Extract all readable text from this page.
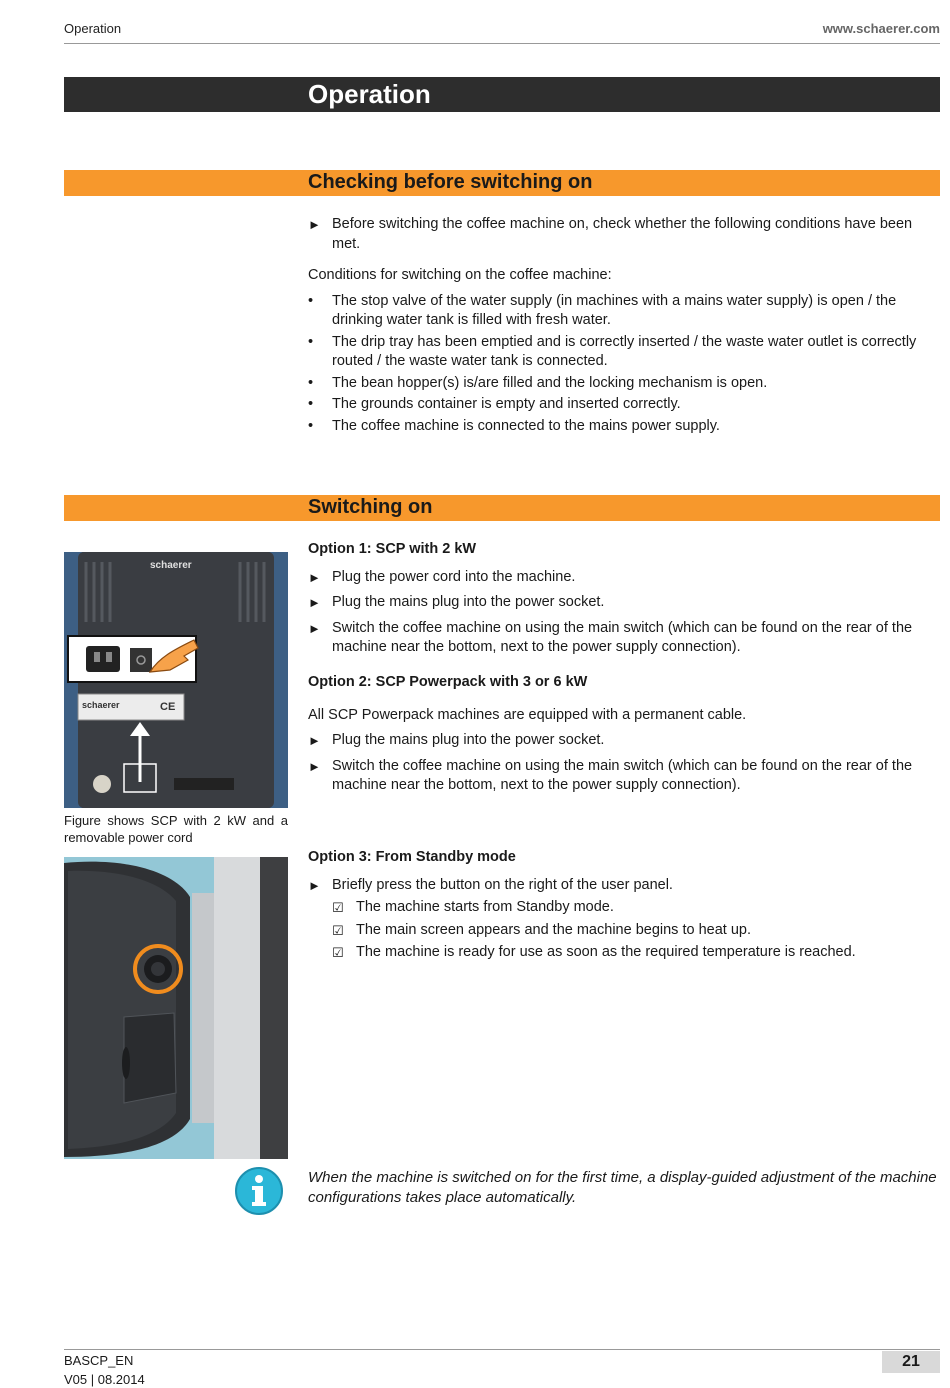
Operation	www.schaerer.com
Operation
Checking before switching on
► Before switching the coffee machine on, check whether the following conditions have been met.
Conditions for switching on the coffee machine:
• The stop valve of the water supply (in machines with a mains water supply) is open / the drinking water tank is filled with fresh water.
• The drip tray has been emptied and is correctly inserted / the waste water outlet is correctly routed / the waste water tank is connected.
• The bean hopper(s) is/are filled and the locking mechanism is open.
• The grounds container is empty and inserted correctly.
• The coffee machine is connected to the mains power supply.
Switching on
schaerer
schaerer	CE
Figure shows SCP with 2 kW and a removable power cord
Option 1: SCP with 2 kW
► Plug the power cord into the machine.
► Plug the mains plug into the power socket.
► Switch the coffee machine on using the main switch (which can be found on the rear of the machine near the bottom, next to the power supply connection).
Option 2: SCP Powerpack with 3 or 6 kW
All SCP Powerpack machines are equipped with a permanent cable.
► Plug the mains plug into the power socket.
► Switch the coffee machine on using the main switch (which can be found on the rear of the machine near the bottom, next to the power supply connection).
Option 3: From Standby mode
► Briefly press the button on the right of the user panel.
☑ The machine starts from Standby mode.
☑ The main screen appears and the machine begins to heat up.
☑ The machine is ready for use as soon as the required temperature is reached.
When the machine is switched on for the first time, a display-guided adjustment of the machine configurations takes place automatically.
BASCP_EN
V05 | 08.2014
21
